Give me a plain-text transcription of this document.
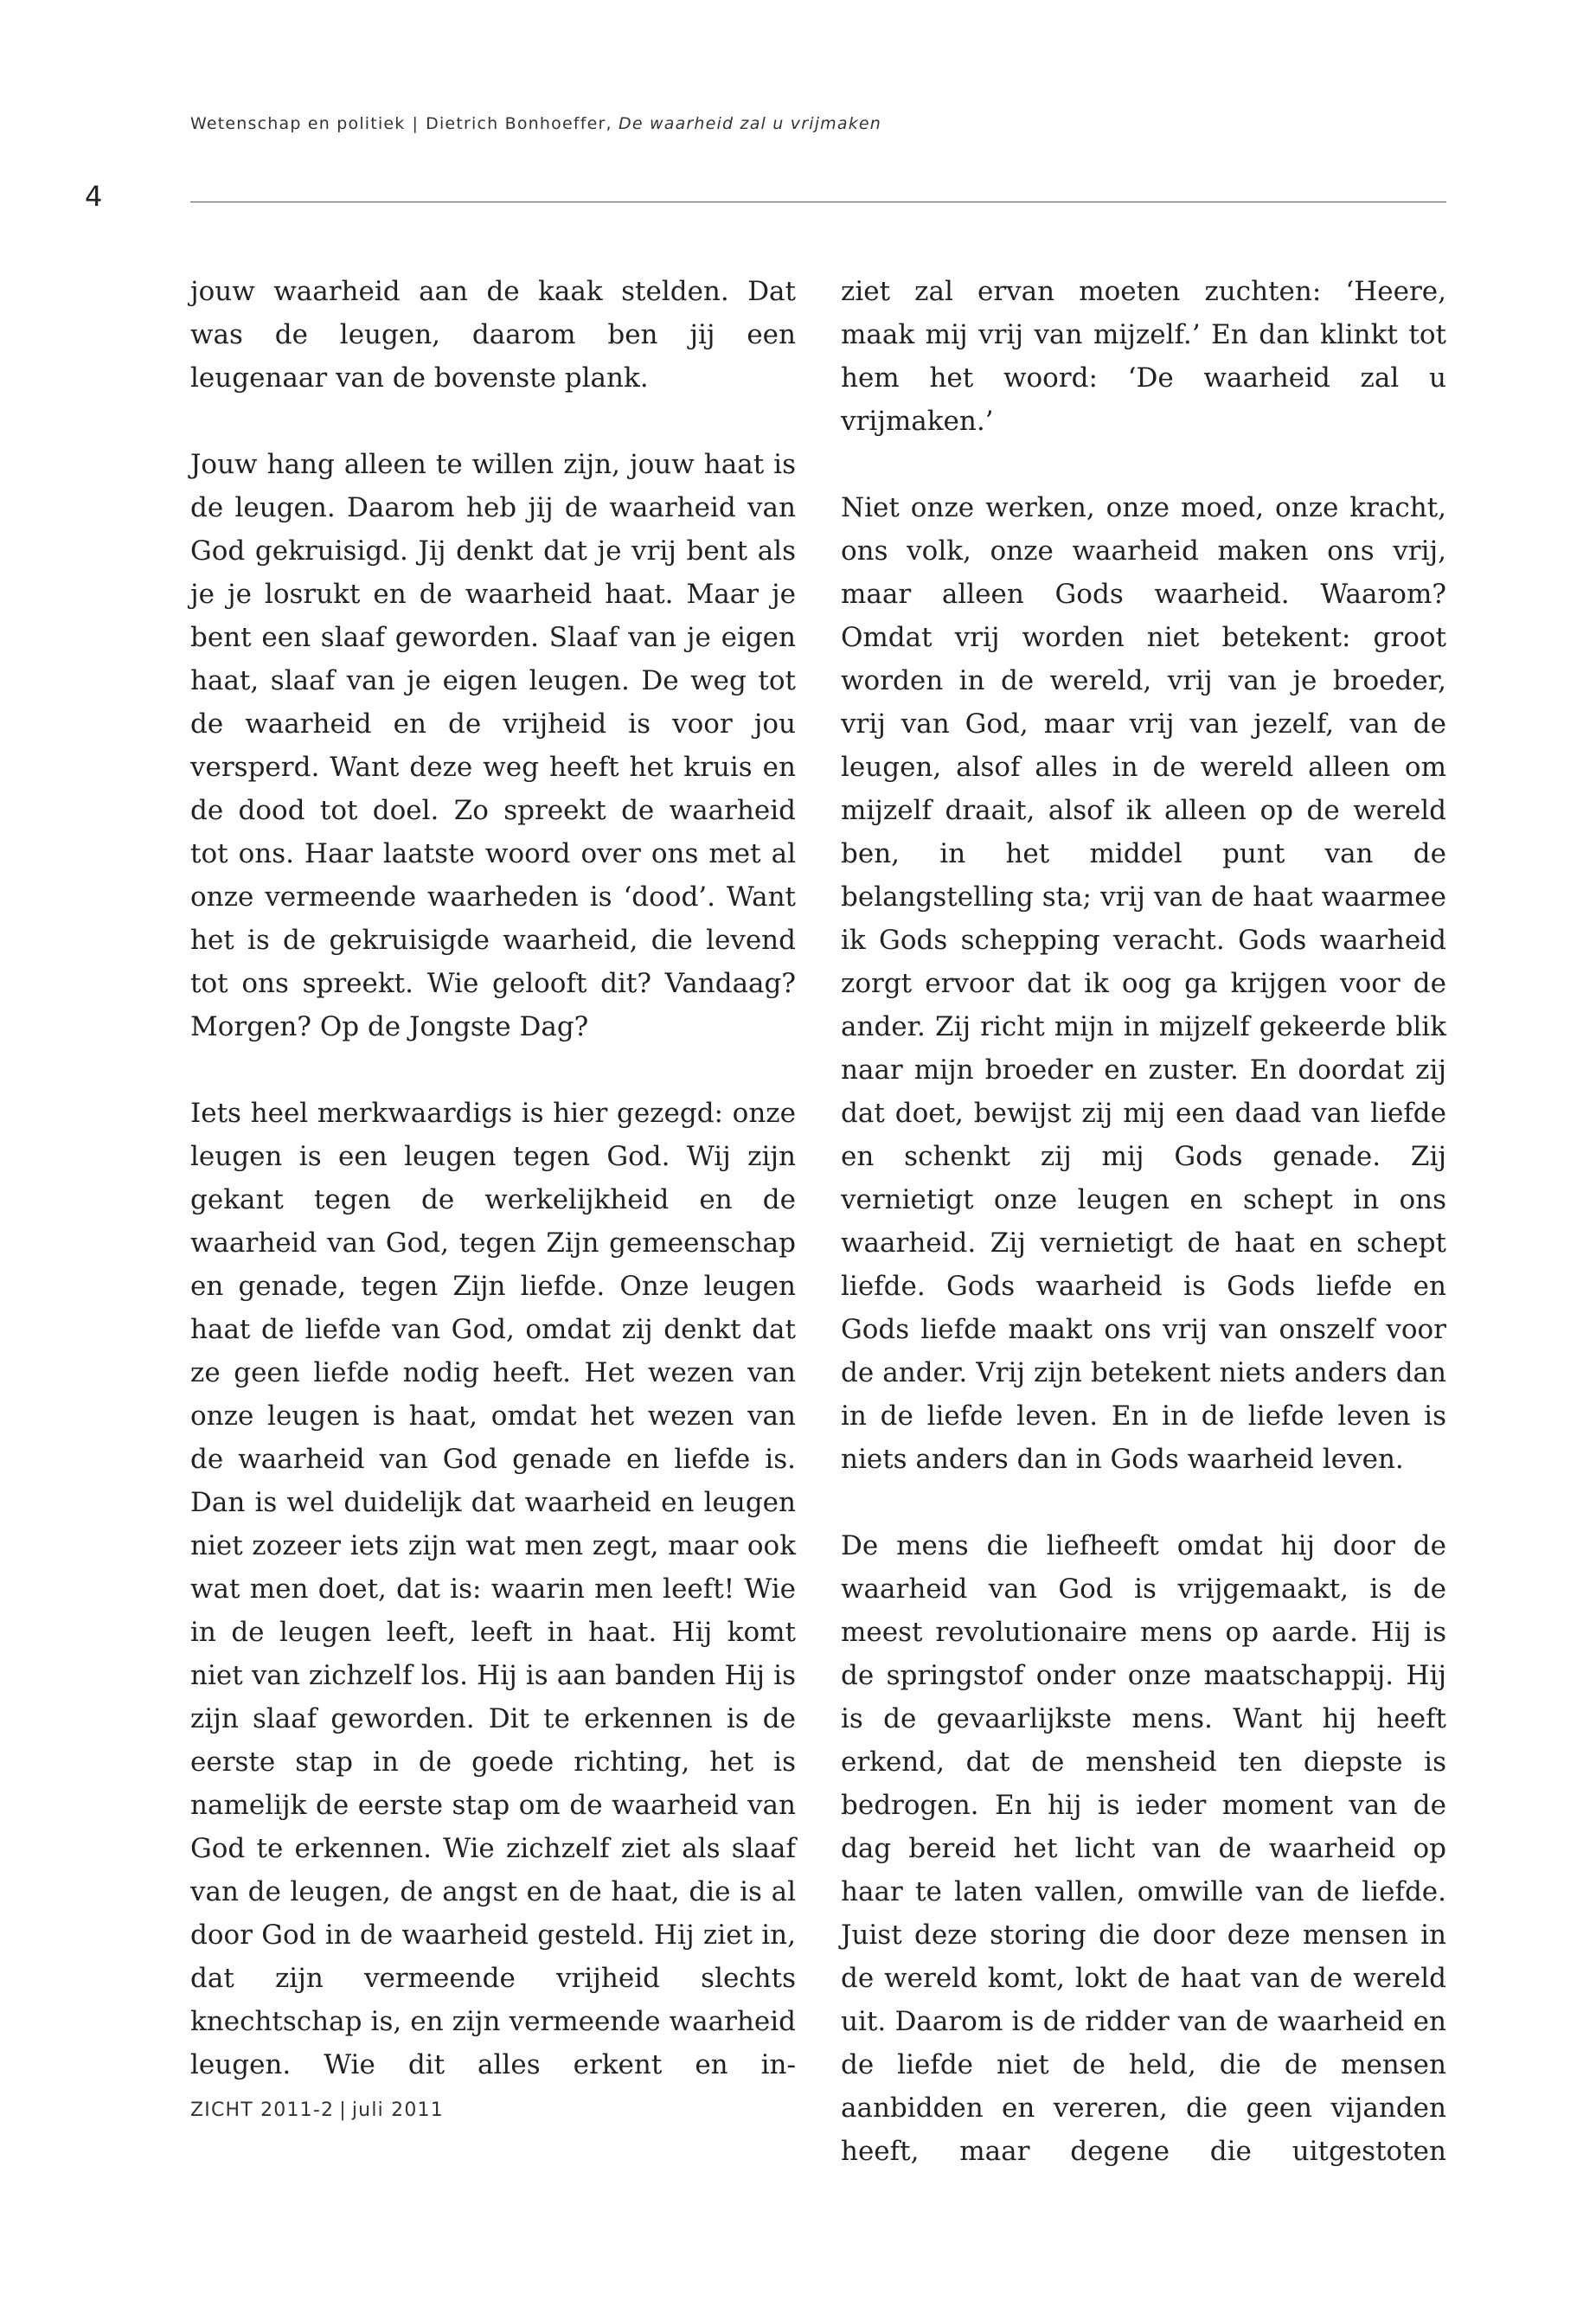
Wetenschap en politiek | Dietrich Bonhoeffer, De waarheid zal u vrijmaken
4

jouw waarheid aan de kaak stelden. Dat was de leugen, daarom ben jij een leugenaar van de bovenste plank.

Jouw hang alleen te willen zijn, jouw haat is de leugen. Daarom heb jij de waarheid van God gekruisigd. Jij denkt dat je vrij bent als je je losrukt en de waarheid haat. Maar je bent een slaaf geworden. Slaaf van je eigen haat, slaaf van je eigen leugen. De weg tot de waarheid en de vrijheid is voor jou versperd. Want deze weg heeft het kruis en de dood tot doel. Zo spreekt de waarheid tot ons. Haar laatste woord over ons met al onze vermeende waarheden is ‘dood’. Want het is de gekruisigde waarheid, die levend tot ons spreekt. Wie gelooft dit? Vandaag? Morgen? Op de Jongste Dag?

Iets heel merkwaardigs is hier gezegd: onze leugen is een leugen tegen God. Wij zijn gekant tegen de werkelijkheid en de waarheid van God, tegen Zijn gemeenschap en genade, tegen Zijn liefde. Onze leugen haat de liefde van God, omdat zij denkt dat ze geen liefde nodig heeft. Het wezen van onze leugen is haat, omdat het wezen van de waarheid van God genade en liefde is. Dan is wel duidelijk dat waarheid en leugen niet zozeer iets zijn wat men zegt, maar ook wat men doet, dat is: waarin men leeft! Wie in de leugen leeft, leeft in haat. Hij komt niet van zichzelf los. Hij is aan banden Hij is zijn slaaf geworden. Dit te erkennen is de eerste stap in de goede richting, het is namelijk de eerste stap om de waarheid van God te erkennen. Wie zichzelf ziet als slaaf van de leugen, de angst en de haat, die is al door God in de waarheid gesteld. Hij ziet in, dat zijn vermeende vrijheid slechts knechtschap is, en zijn vermeende waarheid leugen. Wie dit alles erkent en in-

ziet zal ervan moeten zuchten: ‘Heere, maak mij vrij van mijzelf.’ En dan klinkt tot hem het woord: ‘De waarheid zal u vrijmaken.’

Niet onze werken, onze moed, onze kracht, ons volk, onze waarheid maken ons vrij, maar alleen Gods waarheid. Waarom? Omdat vrij worden niet betekent: groot worden in de wereld, vrij van je broeder, vrij van God, maar vrij van jezelf, van de leugen, alsof alles in de wereld alleen om mijzelf draait, alsof ik alleen op de wereld ben, in het middel punt van de belangstelling sta; vrij van de haat waarmee ik Gods schepping veracht. Gods waarheid zorgt ervoor dat ik oog ga krijgen voor de ander. Zij richt mijn in mijzelf gekeerde blik naar mijn broeder en zuster. En doordat zij dat doet, bewijst zij mij een daad van liefde en schenkt zij mij Gods genade. Zij vernietigt onze leugen en schept in ons waarheid. Zij vernietigt de haat en schept liefde. Gods waarheid is Gods liefde en Gods liefde maakt ons vrij van onszelf voor de ander. Vrij zijn betekent niets anders dan in de liefde leven. En in de liefde leven is niets anders dan in Gods waarheid leven.

De mens die liefheeft omdat hij door de waarheid van God is vrijgemaakt, is de meest revolutionaire mens op aarde. Hij is de springstof onder onze maatschappij. Hij is de gevaarlijkste mens. Want hij heeft erkend, dat de mensheid ten diepste is bedrogen. En hij is ieder moment van de dag bereid het licht van de waarheid op haar te laten vallen, omwille van de liefde. Juist deze storing die door deze mensen in de wereld komt, lokt de haat van de wereld uit. Daarom is de ridder van de waarheid en de liefde niet de held, die de mensen aanbidden en vereren, die geen vijanden heeft, maar degene die uitgestoten

ZICHT 2011-2 | juli 2011
